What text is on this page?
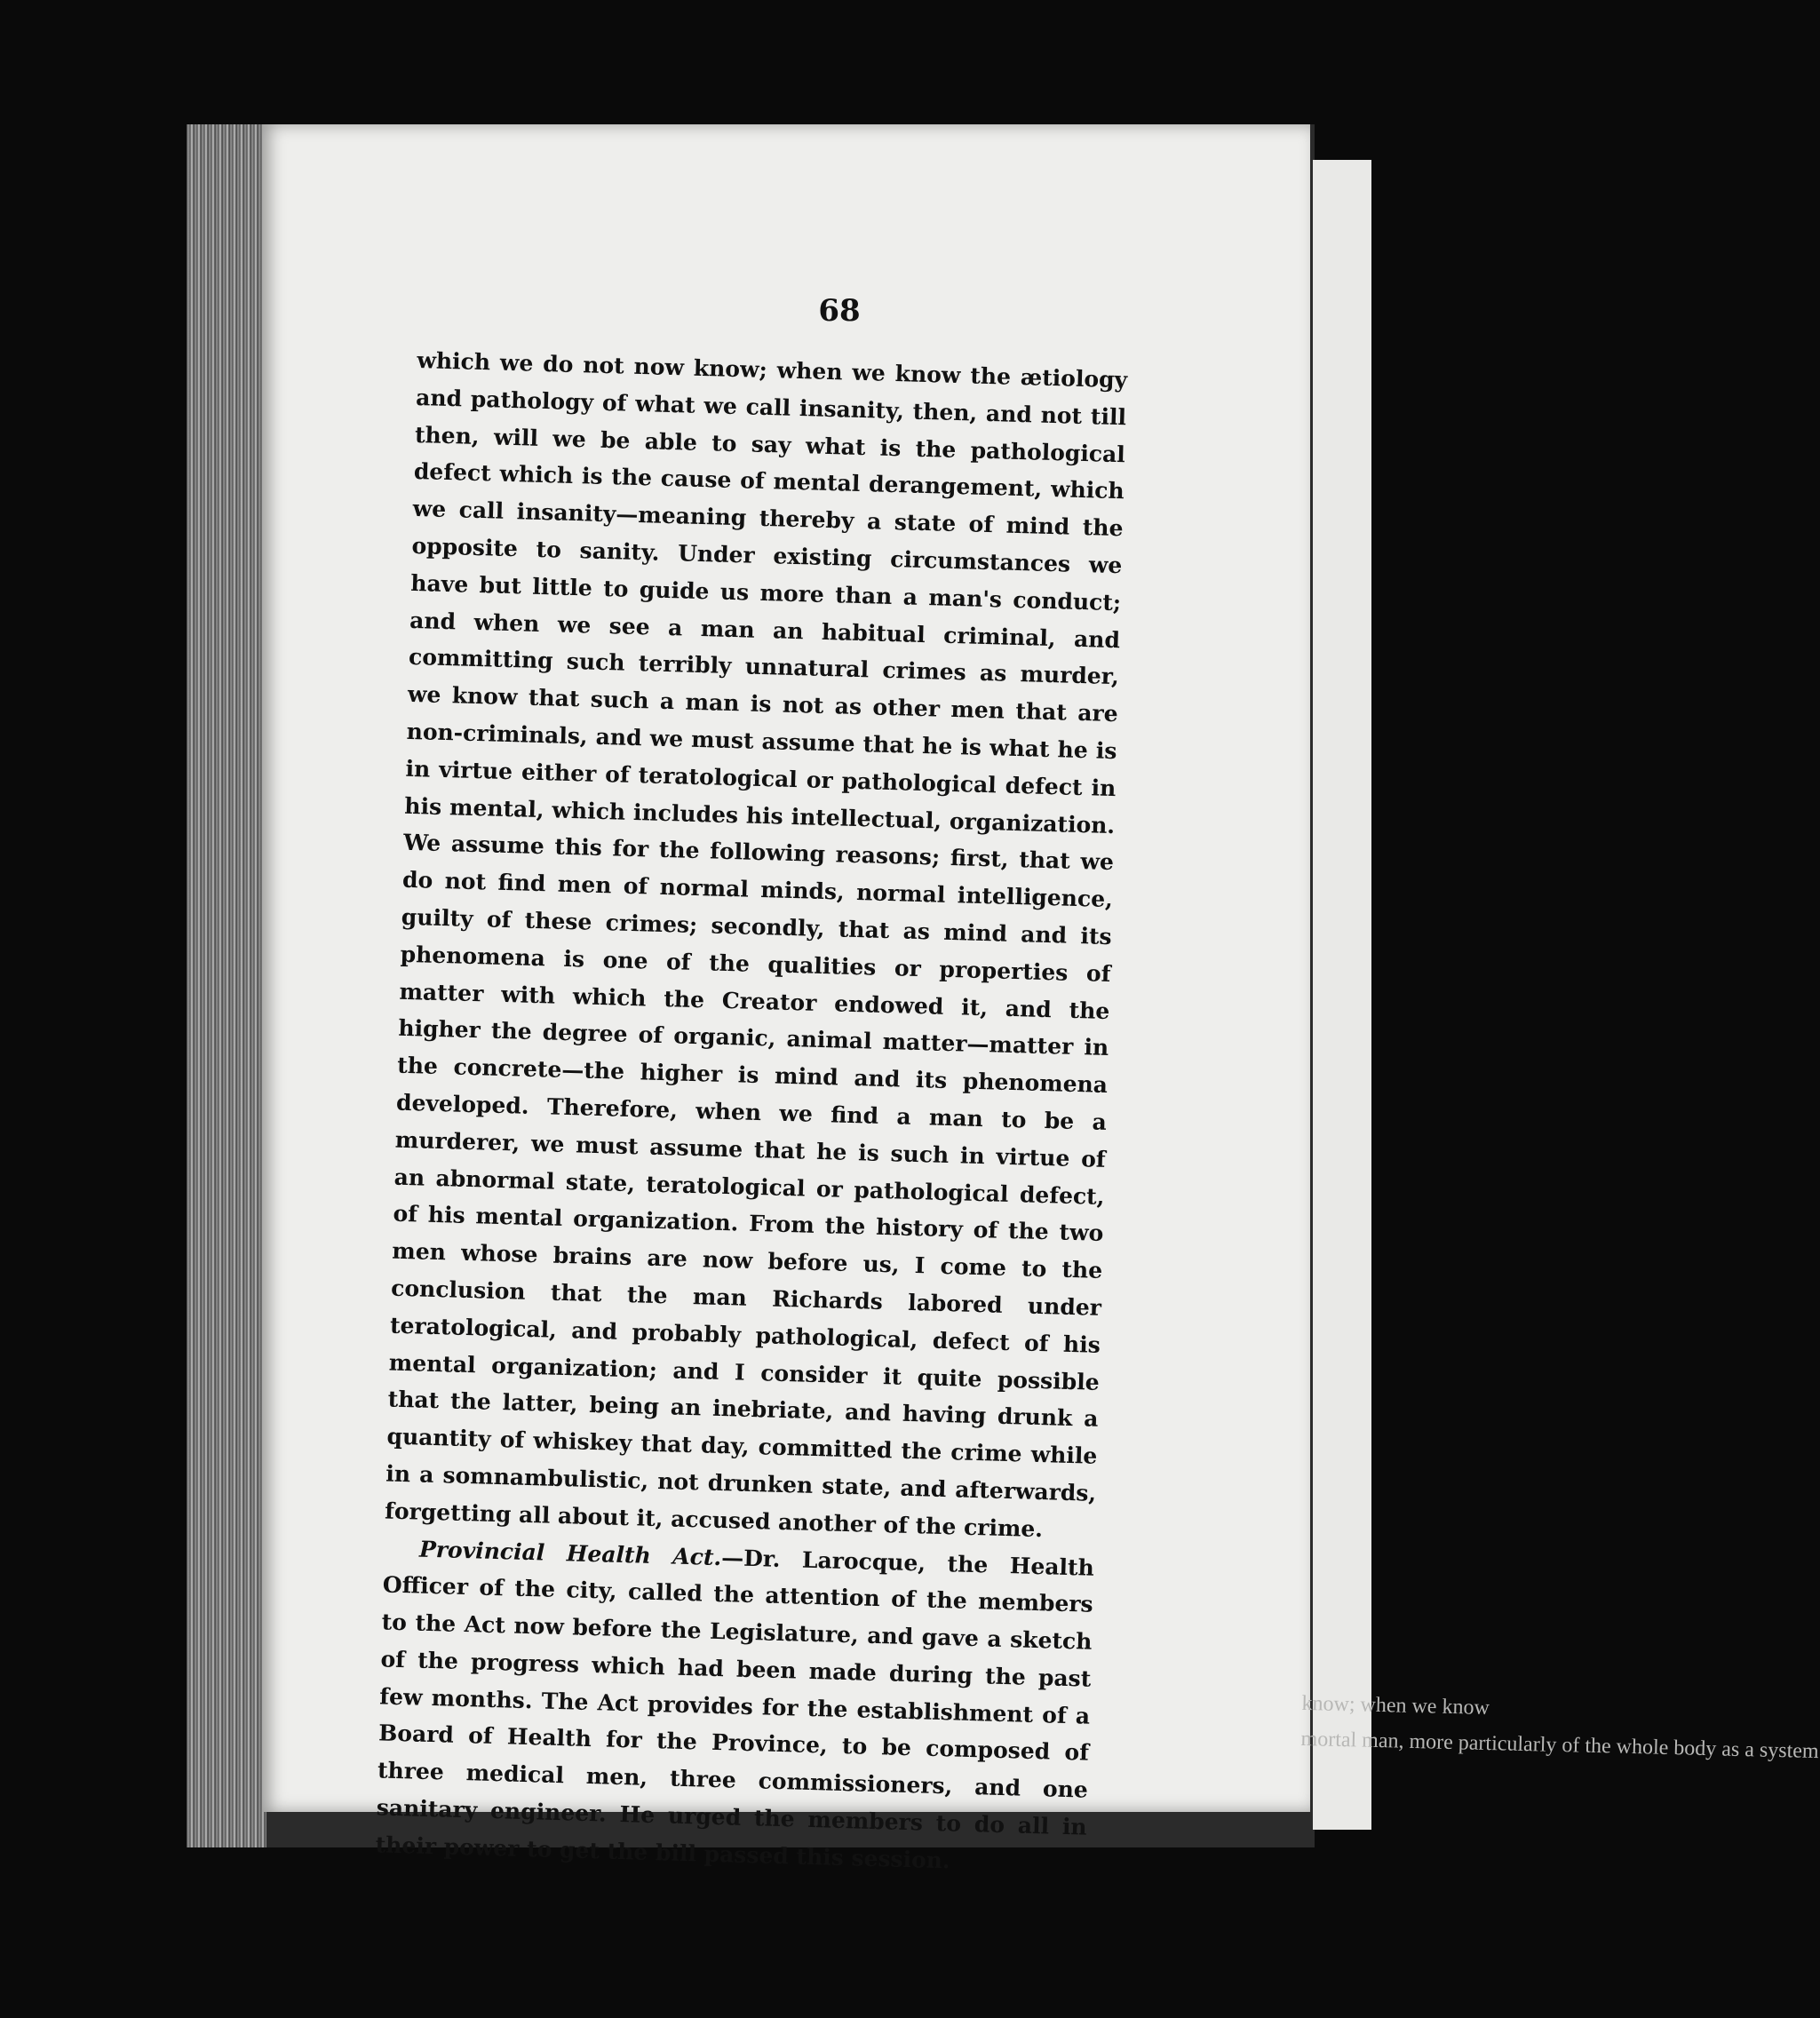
68

which we do not now know; when we know the ætiology and pathology of what we call insanity, then, and not till then, will we be able to say what is the pathological defect which is the cause of mental derangement, which we call insanity—meaning thereby a state of mind the opposite to sanity. Under existing circumstances we have but little to guide us more than a man's conduct; and when we see a man an habitual criminal, and committing such terribly unnatural crimes as murder, we know that such a man is not as other men that are non-criminals, and we must assume that he is what he is in virtue either of teratological or pathological defect in his mental, which includes his intellectual, organization. We assume this for the following reasons; first, that we do not find men of normal minds, normal intelligence, guilty of these crimes; secondly, that as mind and its phenomena is one of the qualities or properties of matter with which the Creator endowed it, and the higher the degree of organic, animal matter—matter in the concrete—the higher is mind and its phenomena developed. Therefore, when we find a man to be a murderer, we must assume that he is such in virtue of an abnormal state, teratological or pathological defect, of his mental organization. From the history of the two men whose brains are now before us, I come to the conclusion that the man Richards labored under teratological, and probably pathological, defect of his mental organization; and I consider it quite possible that the latter, being an inebriate, and having drunk a quantity of whiskey that day, committed the crime while in a somnambulistic, not drunken state, and afterwards, forgetting all about it, accused another of the crime.

Provincial Health Act.—Dr. Larocque, the Health Officer of the city, called the attention of the members to the Act now before the Legislature, and gave a sketch of the progress which had been made during the past few months. The Act provides for the establishment of a Board of Health for the Province, to be composed of three medical men, three commissioners, and one sanitary engineer. He urged the members to do all in their power to get the bill passed this session.

know; when we know
mortal man, more particularly of the whole body as a system
